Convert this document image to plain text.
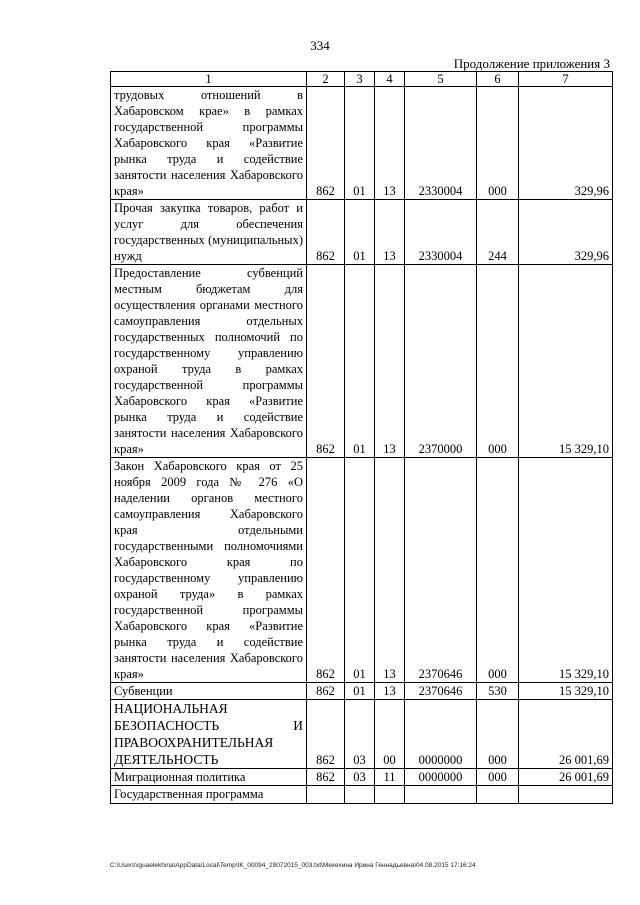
334
Продолжение приложения 3
1	2	3	4	5	6	7
трудовых отношений в Хабаровском крае» в рамках государственной программы Хабаровского края «Развитие рынка труда и содействие занятости населения Хабаровского края»	862	01	13	2330004	000	329,96
Прочая закупка товаров, работ и услуг для обеспечения государственных (муниципальных) нужд	862	01	13	2330004	244	329,96
Предоставление субвенций местным бюджетам для осуществления органами местного самоуправления отдельных государственных полномочий по государственному управлению охраной труда в рамках государственной программы Хабаровского края «Развитие рынка труда и содействие занятости населения Хабаровского края»	862	01	13	2370000	000	15 329,10
Закон Хабаровского края от 25 ноября 2009 года № 276 «О наделении органов местного самоуправления Хабаровского края отдельными государственными полномочиями Хабаровского края по государственному управлению охраной труда» в рамках государственной программы Хабаровского края «Развитие рынка труда и содействие занятости населения Хабаровского края»	862	01	13	2370646	000	15 329,10
Субвенции	862	01	13	2370646	530	15 329,10
НАЦИОНАЛЬНАЯ БЕЗОПАСНОСТЬ И ПРАВООХРАНИТЕЛЬНАЯ ДЕЯТЕЛЬНОСТЬ	862	03	00	0000000	000	26 001,69
Миграционная политика	862	03	11	0000000	000	26 001,69
Государственная программа						
C:\Users\iguaelekhina\AppData\Local\Temp\IK_00094_29072015_003.txt\Мехехина Ирина Геннадьевна\04.08.2015 17:16:24
